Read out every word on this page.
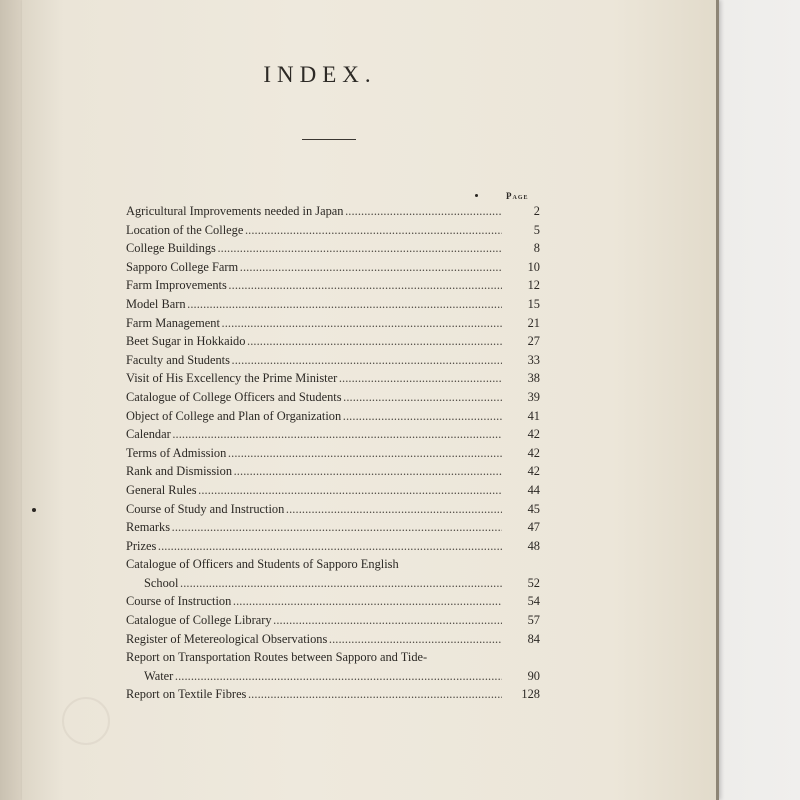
INDEX.
Page
Agricultural Improvements needed in Japan . . .	2
Location of the College . . .	5
College Buildings . . .	8
Sapporo College Farm . . .	10
Farm Improvements . . .	12
Model Barn . . .	15
Farm Management . . .	21
Beet Sugar in Hokkaido . . .	27
Faculty and Students . . .	33
Visit of His Excellency the Prime Minister . . .	38
Catalogue of College Officers and Students . . .	39
Object of College and Plan of Organization . . .	41
Calendar . . .	42
Terms of Admission . . .	42
Rank and Dismission . . .	42
General Rules . . .	44
Course of Study and Instruction . . .	45
Remarks . . .	47
Prizes . . .	48
Catalogue of Officers and Students of Sapporo English
School . . .	52
Course of Instruction . . .	54
Catalogue of College Library . . .	57
Register of Metereological Observations . . .	84
Report on Transportation Routes between Sapporo and Tide-
Water . . .	90
Report on Textile Fibres . . .	128
